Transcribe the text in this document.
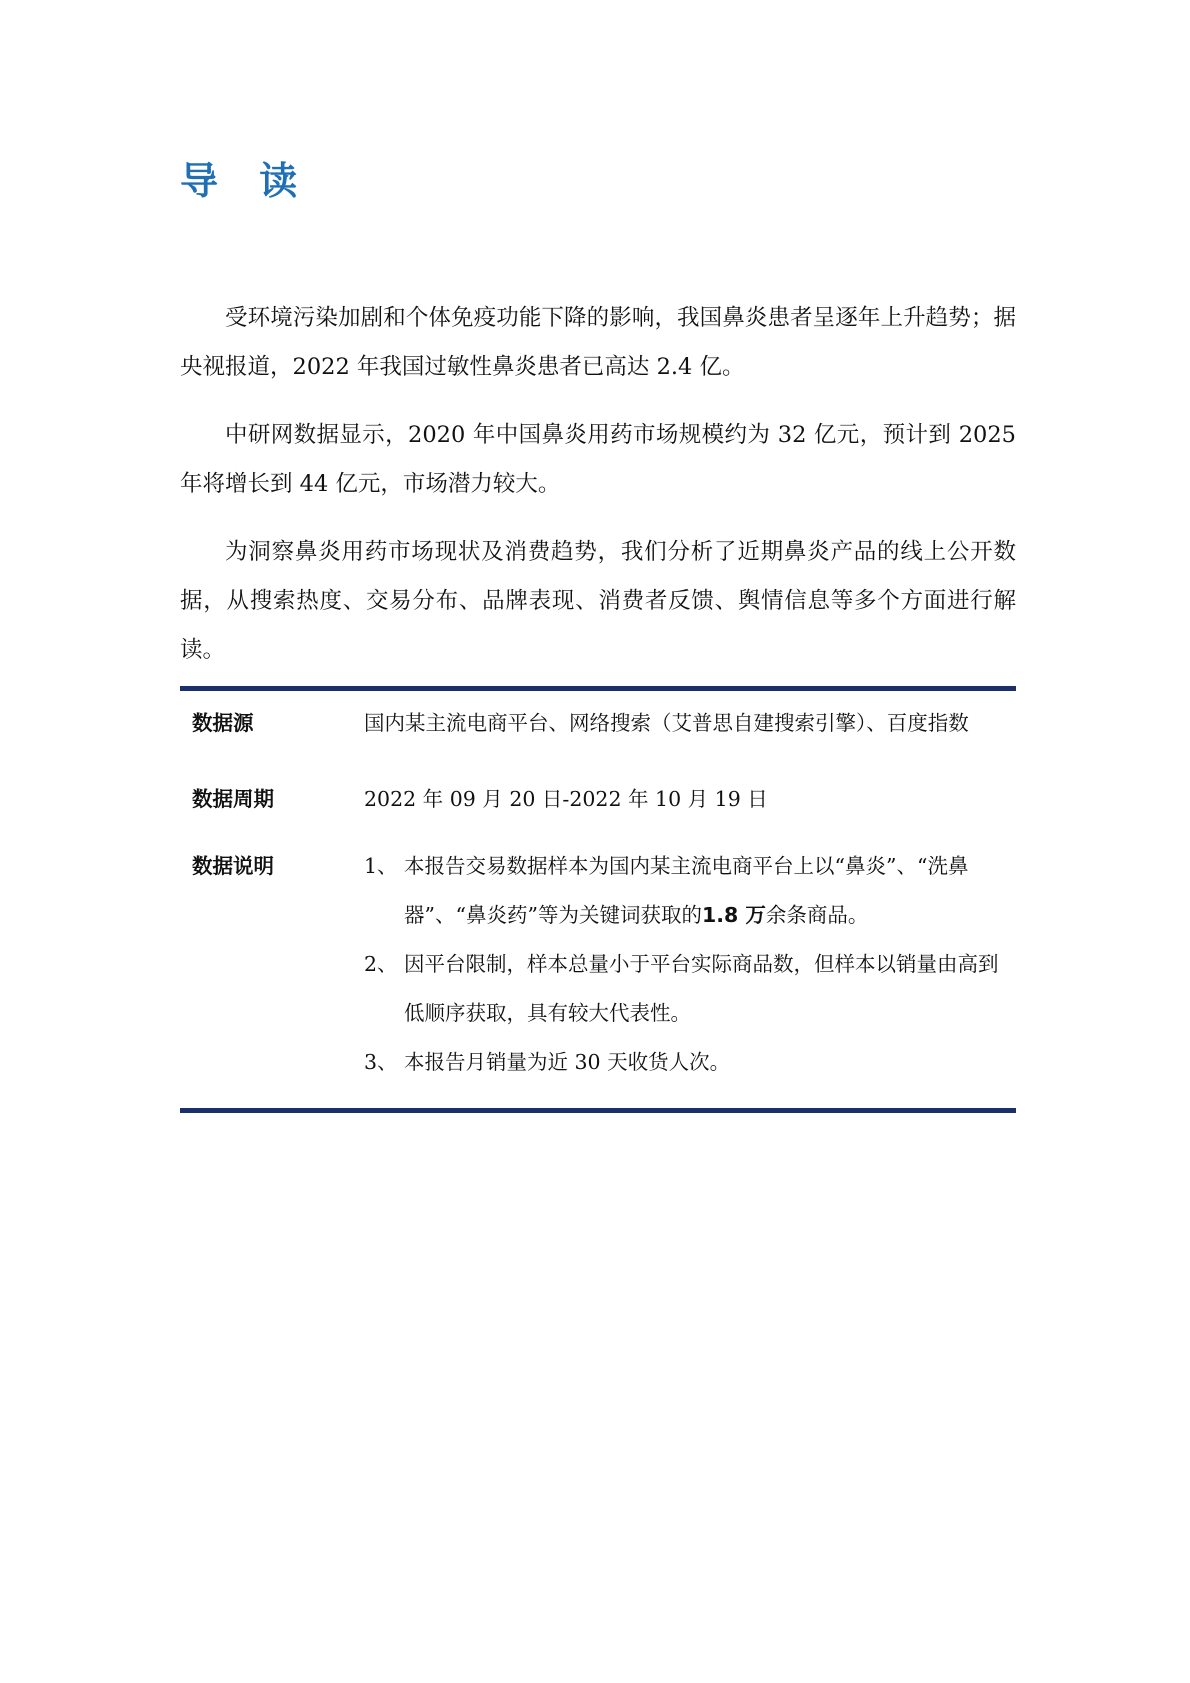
导 读

受环境污染加剧和个体免疫功能下降的影响，我国鼻炎患者呈逐年上升趋势；据央视报道，2022 年我国过敏性鼻炎患者已高达 2.4 亿。

中研网数据显示，2020 年中国鼻炎用药市场规模约为 32 亿元，预计到 2025 年将增长到 44 亿元，市场潜力较大。

为洞察鼻炎用药市场现状及消费趋势，我们分析了近期鼻炎产品的线上公开数据，从搜索热度、交易分布、品牌表现、消费者反馈、舆情信息等多个方面进行解读。

数据源	国内某主流电商平台、网络搜索（艾普思自建搜索引擎）、百度指数
数据周期	2022 年 09 月 20 日-2022 年 10 月 19 日
数据说明	1、 本报告交易数据样本为国内某主流电商平台上以“鼻炎”、“洗鼻器”、“鼻炎药”等为关键词获取的1.8 万余条商品。
2、 因平台限制，样本总量小于平台实际商品数，但样本以销量由高到低顺序获取，具有较大代表性。
3、 本报告月销量为近 30 天收货人次。
